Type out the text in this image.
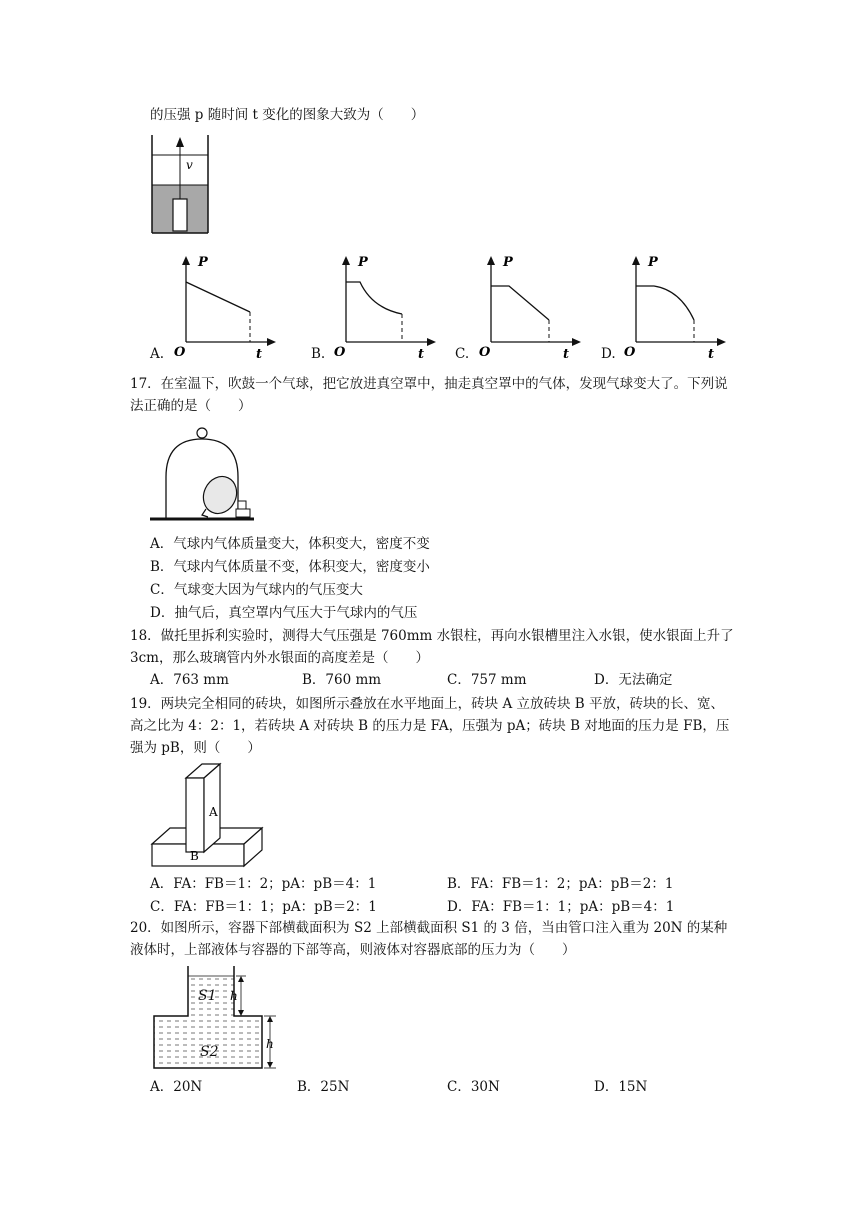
的压强 p 随时间 t 变化的图象大致为（　　）
v
A.
P
O	t	B.
P
O	t C.
P
O	t D.
P
O	t
17．在室温下，吹鼓一个气球，把它放进真空罩中，抽走真空罩中的气体，发现气球变大了。下列说法正确的是（　　）
A．气球内气体质量变大，体积变大，密度不变
B．气球内气体质量不变，体积变大，密度变小
C．气球变大因为气球内的气压变大
D．抽气后，真空罩内气压大于气球内的气压
18．做托里拆利实验时，测得大气压强是 760mm 水银柱，再向水银槽里注入水银，使水银面上升了 3cm，那么玻璃管内外水银面的高度差是（　　）
A．763 mm	B．760 mm	C．757 mm	D．无法确定
19．两块完全相同的砖块，如图所示叠放在水平地面上，砖块 A 立放砖块 B 平放，砖块的长、宽、高之比为 4：2：1，若砖块 A 对砖块 B 的压力是 FA，压强为 pA；砖块 B 对地面的压力是 FB，压强为 pB，则（　　）
A
B
A．FA：FB＝1：2；pA：pB＝4：1	B．FA：FB＝1：2；pA：pB＝2：1
C．FA：FB＝1：1；pA：pB＝2：1	D．FA：FB＝1：1；pA：pB＝4：1
20．如图所示，容器下部横截面积为 S2 上部横截面积 S1 的 3 倍，当由管口注入重为 20N 的某种液体时，上部液体与容器的下部等高，则液体对容器底部的压力为（　　）
h
h
S1
S2
A．20N	B．25N	C．30N	D．15N
